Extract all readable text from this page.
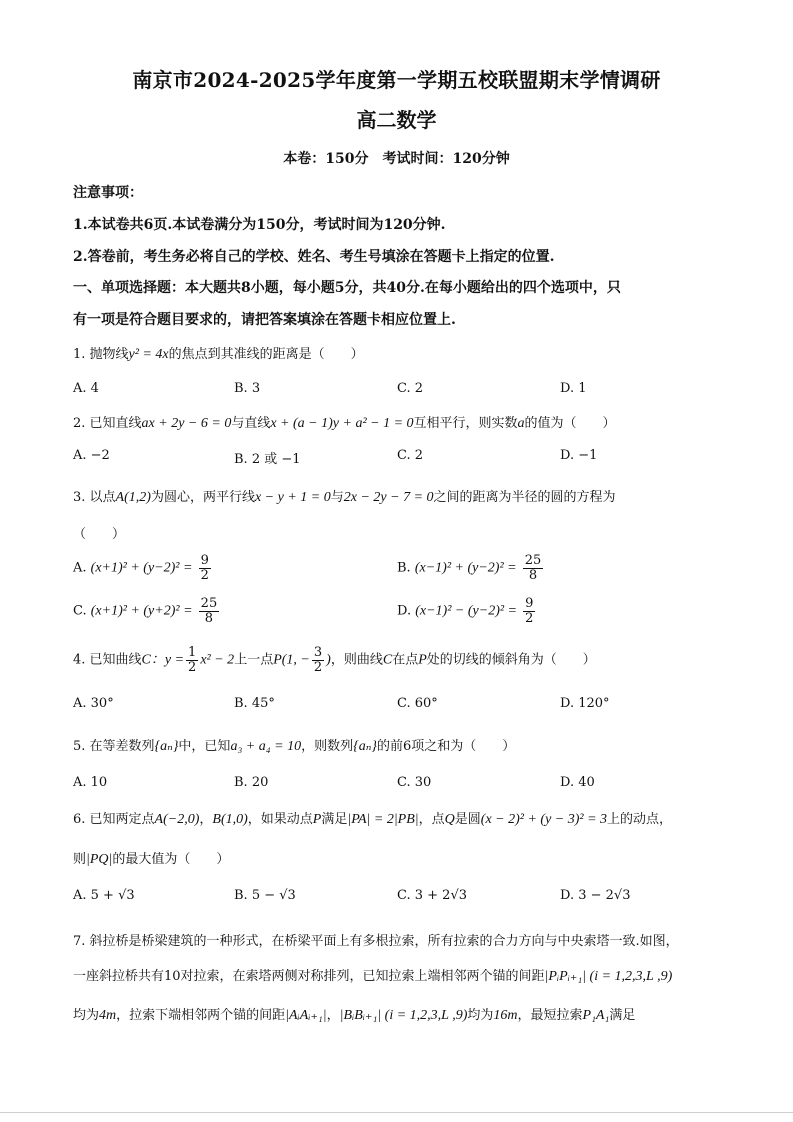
南京市2024-2025学年度第一学期五校联盟期末学情调研
高二数学
本卷：150分　考试时间：120分钟
注意事项：
1.本试卷共6页.本试卷满分为150分，考试时间为120分钟.
2.答卷前，考生务必将自己的学校、姓名、考生号填涂在答题卡上指定的位置.
一、单项选择题：本大题共8小题，每小题5分，共40分.在每小题给出的四个选项中，只
有一项是符合题目要求的，请把答案填涂在答题卡相应位置上.
1. 抛物线y² = 4x的焦点到其准线的距离是（　　）
A. 4	B. 3	C. 2	D. 1
2. 已知直线ax + 2y − 6 = 0与直线x + (a − 1)y + a² − 1 = 0互相平行，则实数a的值为（　　）
A. −2	B. 2 或 −1	C. 2	D. −1
3. 以点A(1,2)为圆心，两平行线x − y + 1 = 0与2x − 2y − 7 = 0之间的距离为半径的圆的方程为
（　　）
A. $(x+1)^2 + (y-2)^2 = \frac{9}{2}$	B. $(x-1)^2 + (y-2)^2 = \frac{25}{8}$
C. $(x+1)^2 + (y+2)^2 = \frac{25}{8}$	D. $(x-1)^2 - (y-2)^2 = \frac{9}{2}$
4. 已知曲线C：$y = \frac{1}{2} x^2 - 2$上一点P(1, − $\frac{3}{2}$ )，则曲线C在点P处的切线的倾斜角为（　　）
A. 30°	B. 45°	C. 60°	D. 120°
5. 在等差数列{aₙ}中，已知a₃ + a₄ = 10，则数列{aₙ}的前6项之和为（　　）
A. 10	B. 20	C. 30	D. 40
6. 已知两定点A(−2,0)，B(1,0)，如果动点P满足|PA| = 2|PB|，点Q是圆(x − 2)² + (y − 3)² = 3上的动点，
则|PQ|的最大值为（　　）
A. 5 + √3	B. 5 − √3	C. 3 + 2√3	D. 3 − 2√3
7. 斜拉桥是桥梁建筑的一种形式，在桥梁平面上有多根拉索，所有拉索的合力方向与中央索塔一致.如图，
一座斜拉桥共有10对拉索，在索塔两侧对称排列，已知拉索上端相邻两个锚的间距|PᵢPᵢ₊₁| (i = 1,2,3,L ,9)
均为4m，拉索下端相邻两个锚的间距|AᵢAᵢ₊₁|，|BᵢBᵢ₊₁| (i = 1,2,3,L ,9)均为16m，最短拉索P₁A₁满足
